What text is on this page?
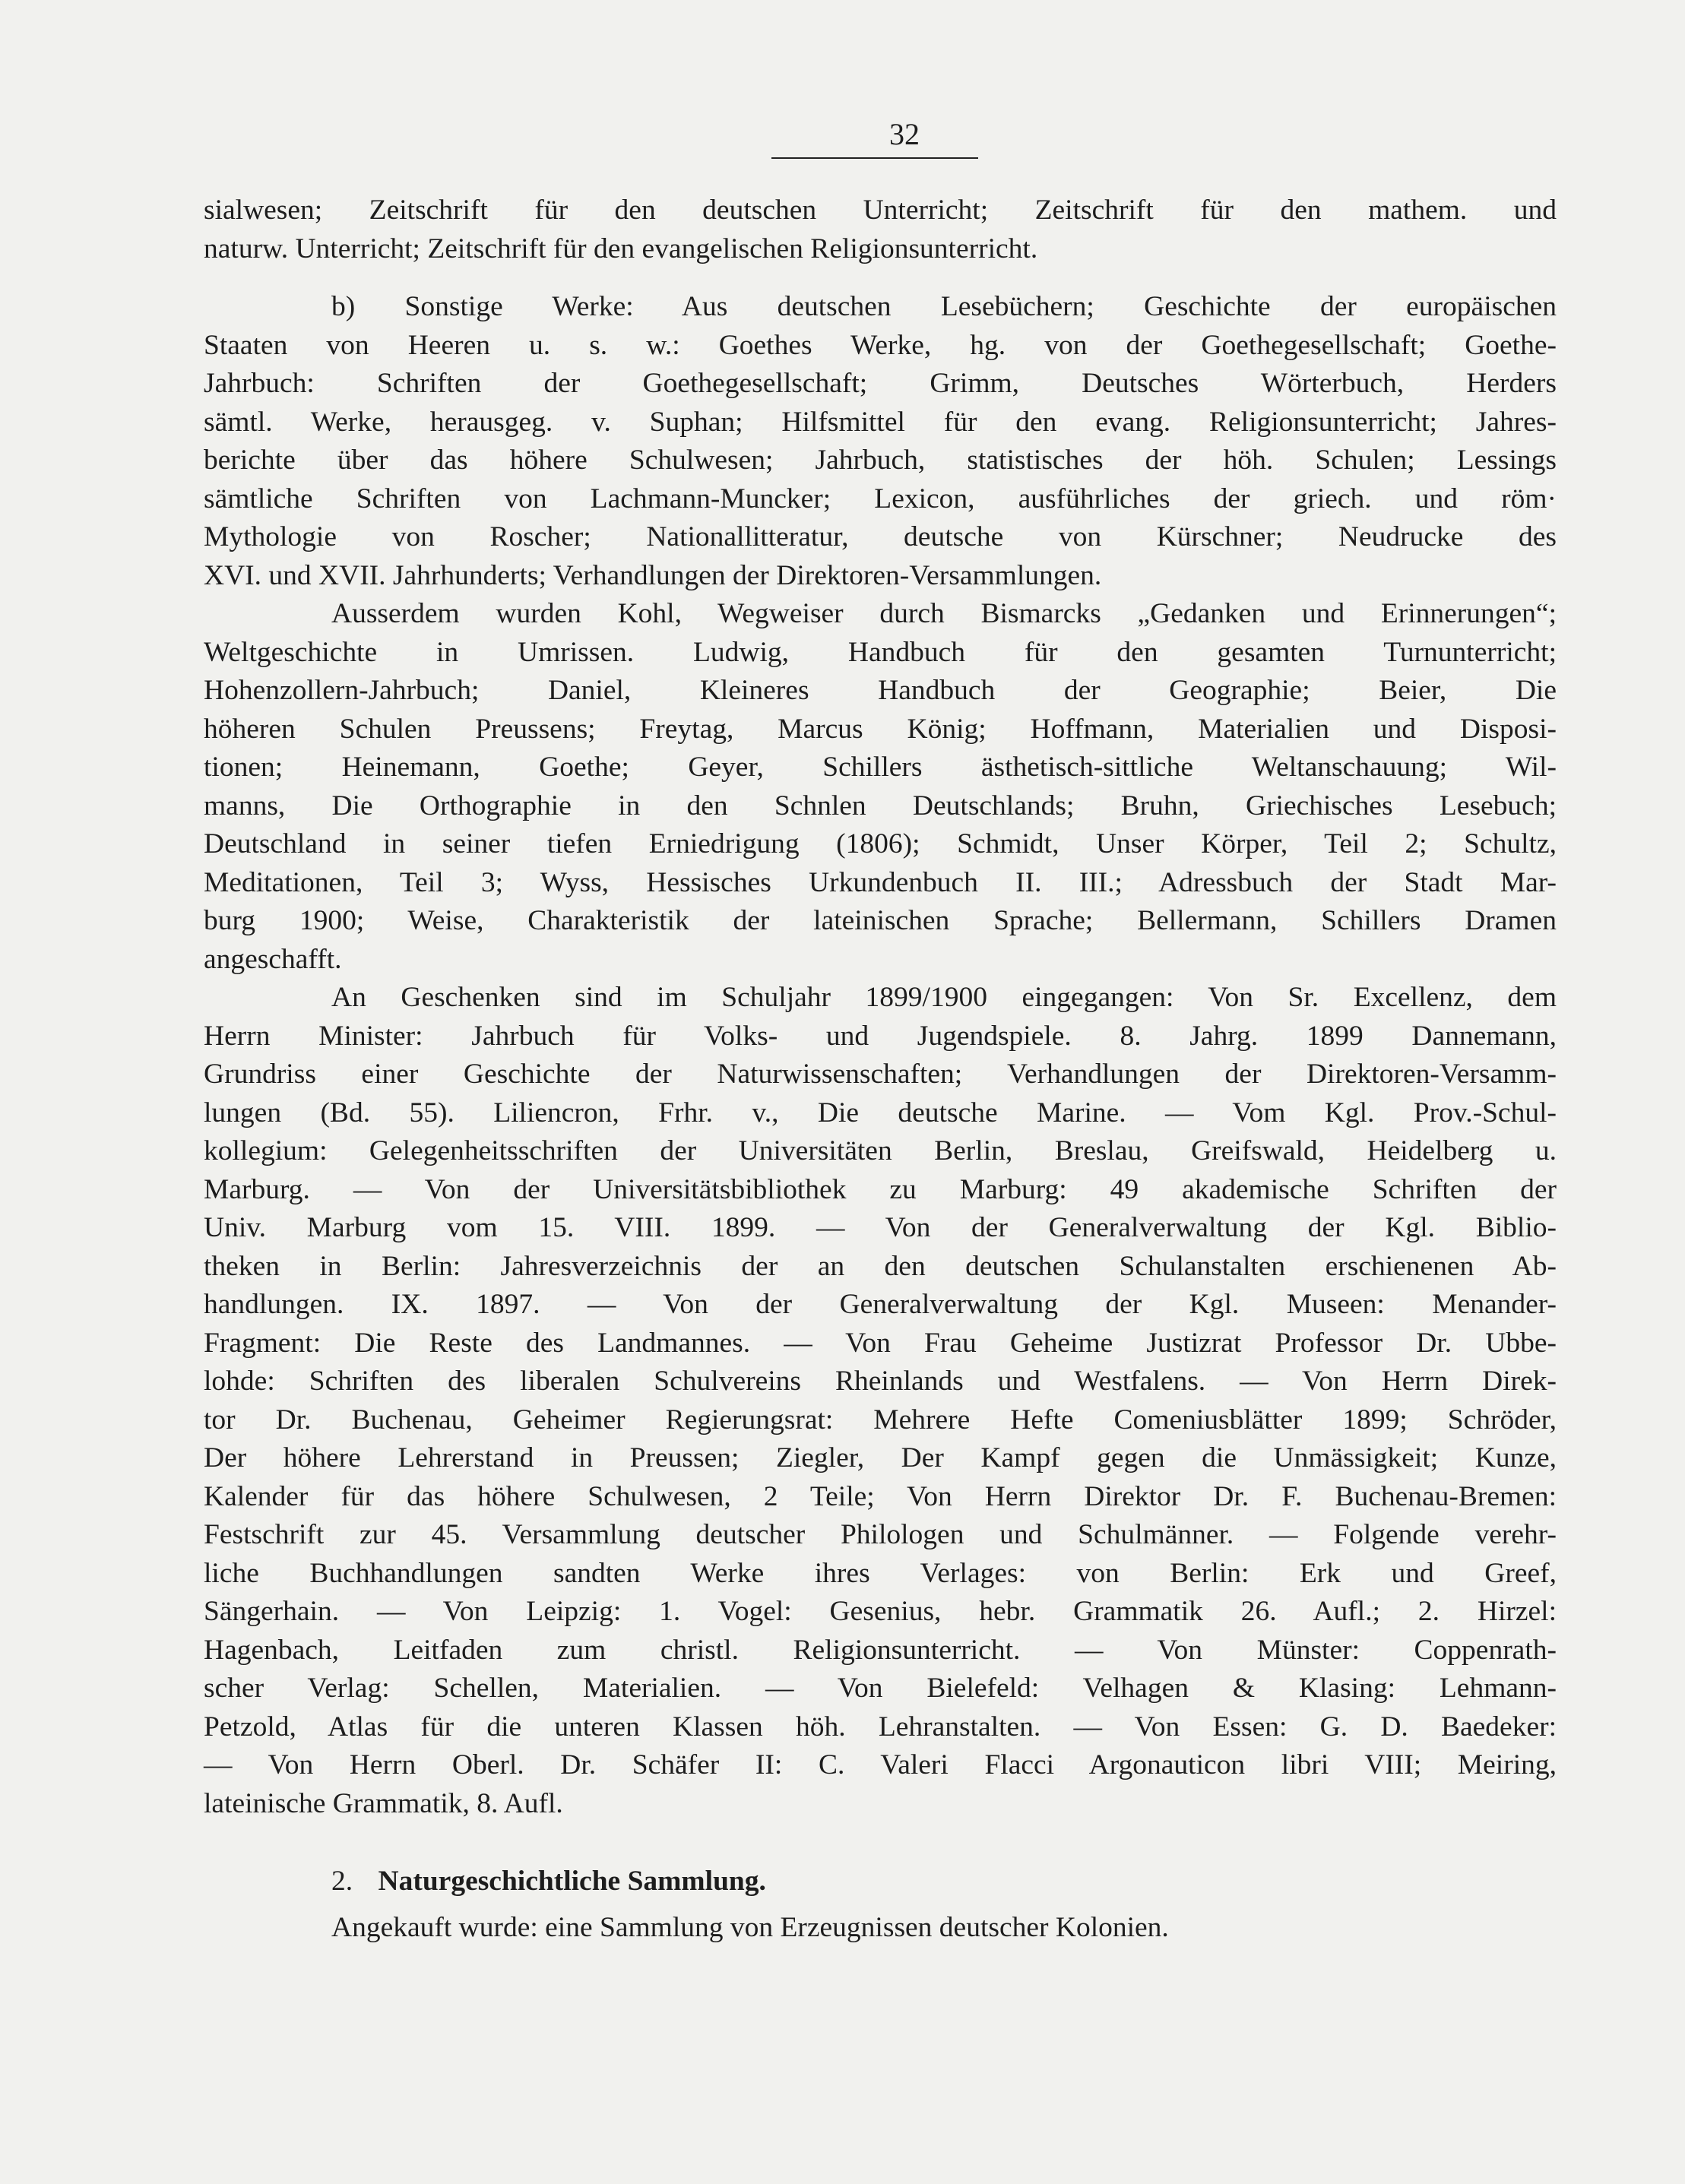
32
sialwesen; Zeitschrift für den deutschen Unterricht; Zeitschrift für den mathem. und
naturw. Unterricht; Zeitschrift für den evangelischen Religionsunterricht.
b) Sonstige Werke: Aus deutschen Lesebüchern; Geschichte der europäischen
Staaten von Heeren u. s. w.: Goethes Werke, hg. von der Goethegesellschaft; Goethe-
Jahrbuch: Schriften der Goethegesellschaft; Grimm, Deutsches Wörterbuch, Herders
sämtl. Werke, herausgeg. v. Suphan; Hilfsmittel für den evang. Religionsunterricht; Jahres-
berichte über das höhere Schulwesen; Jahrbuch, statistisches der höh. Schulen; Lessings
sämtliche Schriften von Lachmann-Muncker; Lexicon, ausführliches der griech. und röm·
Mythologie von Roscher; Nationallitteratur, deutsche von Kürschner; Neudrucke des
XVI. und XVII. Jahrhunderts; Verhandlungen der Direktoren-Versammlungen.
Ausserdem wurden Kohl, Wegweiser durch Bismarcks „Gedanken und Erinnerungen“;
Weltgeschichte in Umrissen. Ludwig, Handbuch für den gesamten Turnunterricht;
Hohenzollern-Jahrbuch; Daniel, Kleineres Handbuch der Geographie; Beier, Die
höheren Schulen Preussens; Freytag, Marcus König; Hoffmann, Materialien und Disposi-
tionen; Heinemann, Goethe; Geyer, Schillers ästhetisch-sittliche Weltanschauung; Wil-
manns, Die Orthographie in den Schnlen Deutschlands; Bruhn, Griechisches Lesebuch;
Deutschland in seiner tiefen Erniedrigung (1806); Schmidt, Unser Körper, Teil 2; Schultz,
Meditationen, Teil 3; Wyss, Hessisches Urkundenbuch II. III.; Adressbuch der Stadt Mar-
burg 1900; Weise, Charakteristik der lateinischen Sprache; Bellermann, Schillers Dramen
angeschafft.
An Geschenken sind im Schuljahr 1899/1900 eingegangen: Von Sr. Excellenz, dem
Herrn Minister: Jahrbuch für Volks- und Jugendspiele. 8. Jahrg. 1899 Dannemann,
Grundriss einer Geschichte der Naturwissenschaften; Verhandlungen der Direktoren-Versamm-
lungen (Bd. 55). Liliencron, Frhr. v., Die deutsche Marine. — Vom Kgl. Prov.-Schul-
kollegium: Gelegenheitsschriften der Universitäten Berlin, Breslau, Greifswald, Heidelberg u.
Marburg. — Von der Universitätsbibliothek zu Marburg: 49 akademische Schriften der
Univ. Marburg vom 15. VIII. 1899. — Von der Generalverwaltung der Kgl. Biblio-
theken in Berlin: Jahresverzeichnis der an den deutschen Schulanstalten erschienenen Ab-
handlungen. IX. 1897. — Von der Generalverwaltung der Kgl. Museen: Menander-
Fragment: Die Reste des Landmannes. — Von Frau Geheime Justizrat Professor Dr. Ubbe-
lohde: Schriften des liberalen Schulvereins Rheinlands und Westfalens. — Von Herrn Direk-
tor Dr. Buchenau, Geheimer Regierungsrat: Mehrere Hefte Comeniusblätter 1899; Schröder,
Der höhere Lehrerstand in Preussen; Ziegler, Der Kampf gegen die Unmässigkeit; Kunze,
Kalender für das höhere Schulwesen, 2 Teile; Von Herrn Direktor Dr. F. Buchenau-Bremen:
Festschrift zur 45. Versammlung deutscher Philologen und Schulmänner. — Folgende verehr-
liche Buchhandlungen sandten Werke ihres Verlages: von Berlin: Erk und Greef,
Sängerhain. — Von Leipzig: 1. Vogel: Gesenius, hebr. Grammatik 26. Aufl.; 2. Hirzel:
Hagenbach, Leitfaden zum christl. Religionsunterricht. — Von Münster: Coppenrath-
scher Verlag: Schellen, Materialien. — Von Bielefeld: Velhagen & Klasing: Lehmann-
Petzold, Atlas für die unteren Klassen höh. Lehranstalten. — Von Essen: G. D. Baedeker:
— Von Herrn Oberl. Dr. Schäfer II: C. Valeri Flacci Argonauticon libri VIII; Meiring,
lateinische Grammatik, 8. Aufl.
2. Naturgeschichtliche Sammlung.
Angekauft wurde: eine Sammlung von Erzeugnissen deutscher Kolonien.
